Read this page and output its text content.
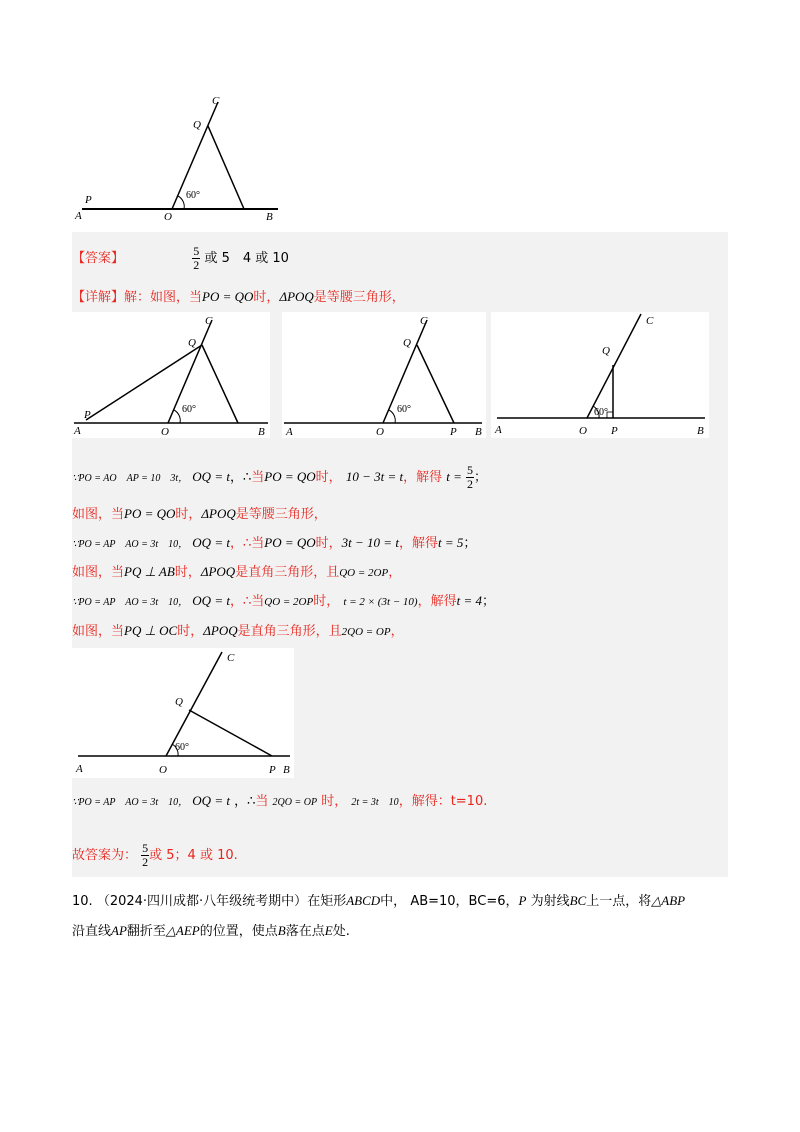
C
Q
P
A	O	B
60°
【答案】	$\frac{5}{2}$ 或 5　4 或 10
【详解】解：如图，当PO = QO时，ΔPOQ是等腰三角形，
C
Q
P
A	O	B
60°
C
Q
A	O	P B
60°
C
Q
A	O P	B
60°
∵PO = AO　AP = 10　3t， OQ = t，∴当PO = QO时， 10 − 3t = t，解得 $t = \frac{5}{2}$ ；
如图，当PO = QO时，ΔPOQ是等腰三角形，
∵PO = AP　AO = 3t　10， OQ = t，∴当PO = QO时，3t − 10 = t，解得t = 5；
如图，当PQ ⊥ AB时，ΔPOQ是直角三角形，且QO = 2OP，
∵PO = AP　AO = 3t　10， OQ = t，∴当QO = 2OP时， t = 2 × (3t − 10)，解得t = 4；
如图，当PQ ⊥ OC时，ΔPOQ是直角三角形，且2QO = OP，
C
Q
A	O	P B
60°
∵PO = AP　AO = 3t　10， OQ = t ，∴当 2QO = OP 时， 2t = 3t　10，解得：t=10.
故答案为： $\frac{5}{2}$ 或 5；4 或 10.
10. （2024·四川成都·八年级统考期中）在矩形ABCD中， AB=10，BC=6，P 为射线BC上一点，将△ABP
沿直线AP翻折至△AEP的位置，使点B落在点E处.
